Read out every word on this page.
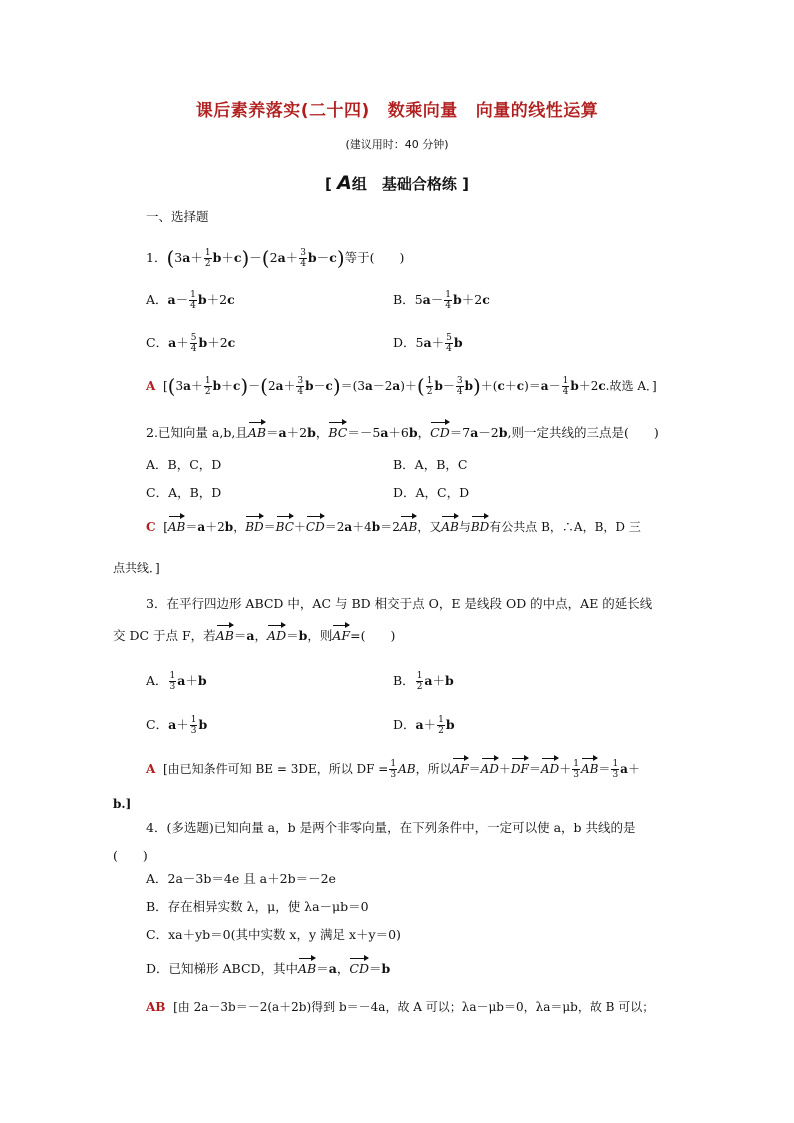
课后素养落实(二十四) 数乘向量 向量的线性运算
(建议用时：40 分钟)
[ A组　基础合格练 ]
一、选择题
1．$(3a+ \frac{1}{2} b+c)-(2a+ \frac{3}{4} b-c)$等于(　　)
A．$a- \frac{1}{4} b+2c$	B．$5a- \frac{1}{4} b+2c$
C．$a+ \frac{5}{4} b+2c$	D．$5a+ \frac{5}{4}$ b
A  [$(3a+ \frac{1}{2} b+c)-(2a+ \frac{3}{4} b-c)=(3a-2a)+( \frac{1}{2} b- \frac{3}{4} b)+(c+c)=a- \frac{1}{4} b+2c$.故选 A．]
2.已知向量 a,b,且AB＝a＋2b，BC＝－5a＋6b，CD＝7a－2b,则一定共线的三点是(　　)
A．B，C，D	B．A，B，C
C．A，B，D	D．A，C，D
C  [AB＝a＋2b，BD＝BC＋CD＝2a＋4b＝2AB，又AB与BD有公共点 B，∴A，B，D 三
点共线．]
3．在平行四边形 ABCD 中，AC 与 BD 相交于点 O，E 是线段 OD 的中点，AE 的延长线
交 DC 于点 F，若AB＝a，AD＝b，则AF=(　　)
A． $\frac{1}{3} a+b$	B． $\frac{1}{2} a+b$
C．$a+ \frac{1}{3}$ b	D．$a+ \frac{1}{2}$ b
A [由已知条件可知 BE = 3DE，所以 DF = $\frac{1}{3}$ AB，所以$AF=AD+DF=AD+ \frac{1}{3} AB= \frac{1}{3} a+$
b.]
4．(多选题)已知向量 a，b 是两个非零向量，在下列条件中，一定可以使 a，b 共线的是
(　　)
A．2a－3b＝4e 且 a＋2b＝－2e
B．存在相异实数 λ，μ，使 λa－μb＝0
C．xa＋yb＝0(其中实数 x，y 满足 x＋y＝0)
D．已知梯形 ABCD，其中AB＝a，CD＝b
AB [由 2a－3b＝－2(a＋2b)得到 b＝－4a，故 A 可以；λa－μb＝0，λa＝μb，故 B 可以；
